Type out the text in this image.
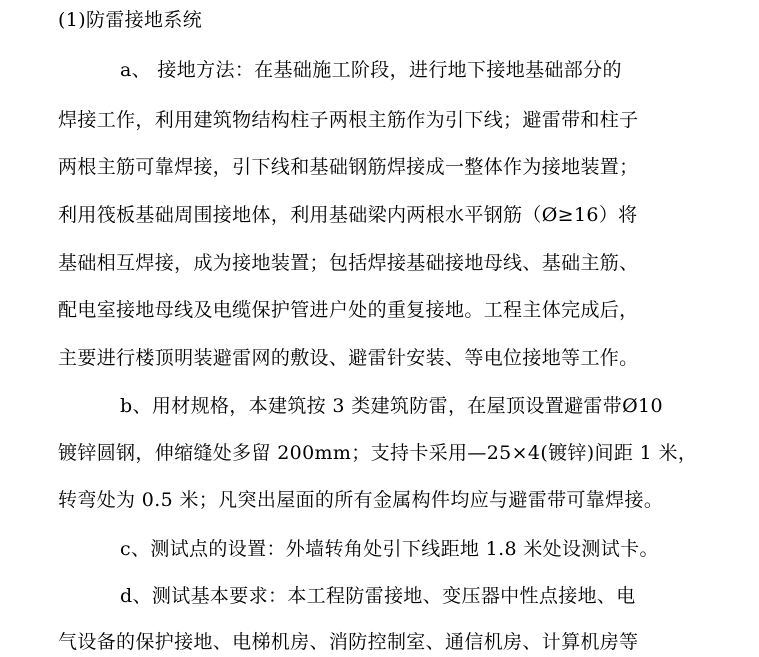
(1)防雷接地系统
a、 接地方法：在基础施工阶段，进行地下接地基础部分的
焊接工作，利用建筑物结构柱子两根主筋作为引下线；避雷带和柱子
两根主筋可靠焊接，引下线和基础钢筋焊接成一整体作为接地装置；
利用筏板基础周围接地体，利用基础梁内两根水平钢筋（Ø≥16）将
基础相互焊接，成为接地装置；包括焊接基础接地母线、基础主筋、
配电室接地母线及电缆保护管进户处的重复接地。工程主体完成后，
主要进行楼顶明装避雷网的敷设、避雷针安装、等电位接地等工作。
b、用材规格，本建筑按 3 类建筑防雷，在屋顶设置避雷带Ø10
镀锌圆钢，伸缩缝处多留 200mm；支持卡采用—25×4(镀锌)间距 1 米，
转弯处为 0.5 米；凡突出屋面的所有金属构件均应与避雷带可靠焊接。
c、测试点的设置：外墙转角处引下线距地 1.8 米处设测试卡。
d、测试基本要求：本工程防雷接地、变压器中性点接地、电
气设备的保护接地、电梯机房、消防控制室、通信机房、计算机房等
